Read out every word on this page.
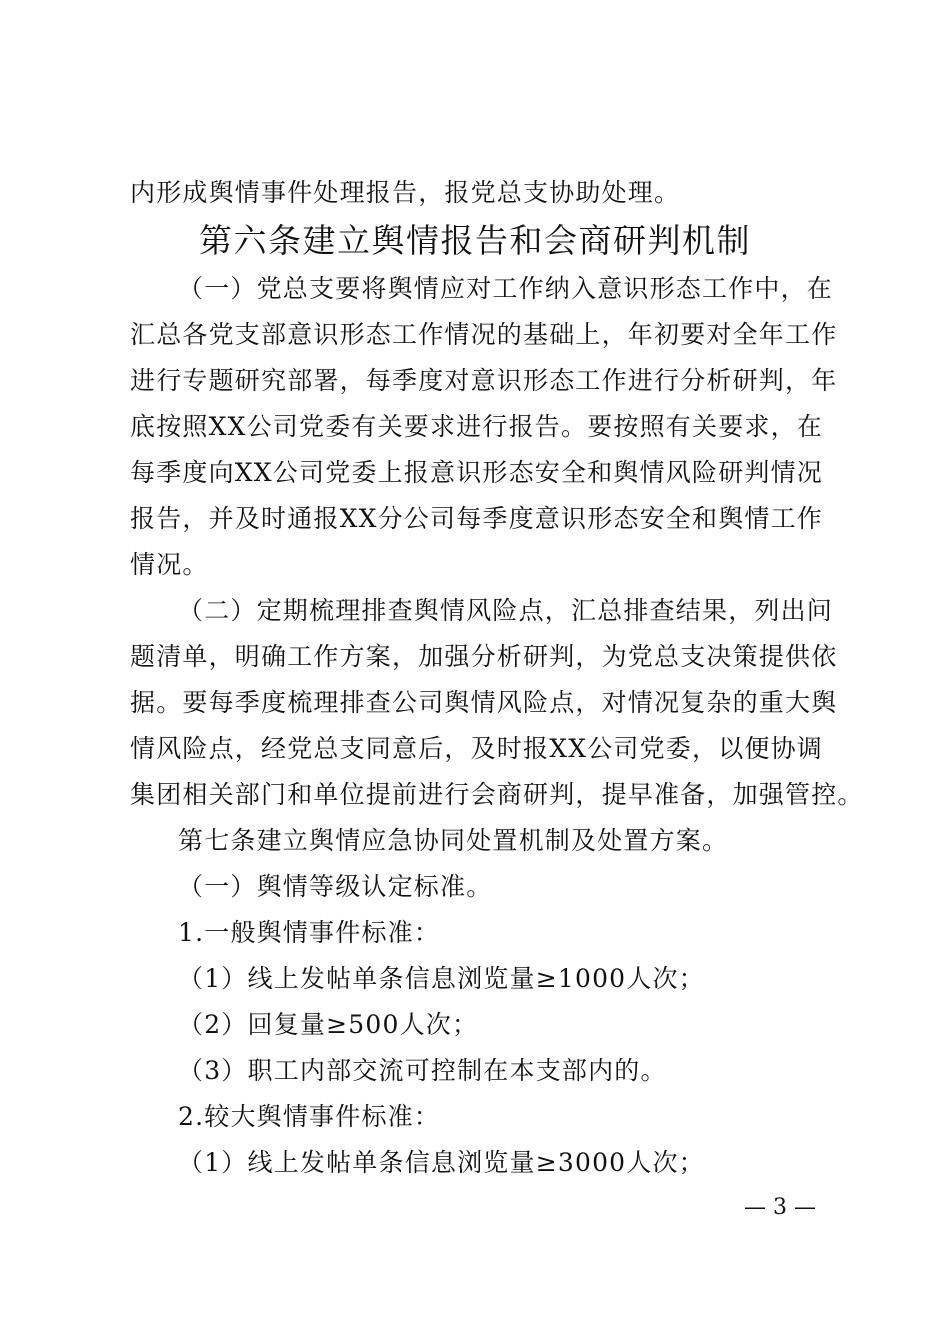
内形成舆情事件处理报告，报党总支协助处理。
第六条建立舆情报告和会商研判机制
（一）党总支要将舆情应对工作纳入意识形态工作中，在
汇总各党支部意识形态工作情况的基础上，年初要对全年工作
进行专题研究部署，每季度对意识形态工作进行分析研判，年
底按照XX公司党委有关要求进行报告。要按照有关要求，在
每季度向XX公司党委上报意识形态安全和舆情风险研判情况
报告，并及时通报XX分公司每季度意识形态安全和舆情工作
情况。
（二）定期梳理排查舆情风险点，汇总排查结果，列出问
题清单，明确工作方案，加强分析研判，为党总支决策提供依
据。要每季度梳理排查公司舆情风险点，对情况复杂的重大舆
情风险点，经党总支同意后，及时报XX公司党委，以便协调
集团相关部门和单位提前进行会商研判，提早准备，加强管控。
第七条建立舆情应急协同处置机制及处置方案。
（一）舆情等级认定标准。
1.一般舆情事件标准：
（1）线上发帖单条信息浏览量≥1000人次；
（2）回复量≥500人次；
（3）职工内部交流可控制在本支部内的。
2.较大舆情事件标准：
（1）线上发帖单条信息浏览量≥3000人次；
— 3 —
